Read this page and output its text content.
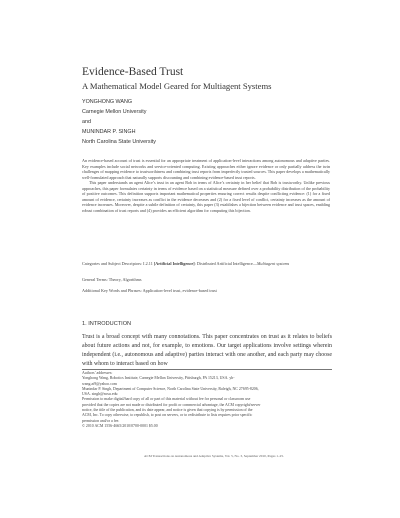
Evidence-Based Trust
A Mathematical Model Geared for Multiagent Systems
YONGHONG WANG
Carnegie Mellon University
and
MUNINDAR P. SINGH
North Carolina State University

An evidence-based account of trust is essential for an appropriate treatment of application-level interactions among autonomous and adaptive parties. Key examples include social networks and service-oriented computing. Existing approaches either ignore evidence or only partially address the twin challenges of mapping evidence to trustworthiness and combining trust reports from imperfectly trusted sources. This paper develops a mathematically well-formulated approach that naturally supports discounting and combining evidence-based trust reports.

This paper understands an agent Alice’s trust in an agent Bob in terms of Alice’s certainty in her belief that Bob is trustworthy. Unlike previous approaches, this paper formulates certainty in terms of evidence based on a statistical measure defined over a probability distribution of the probability of positive outcomes. This definition supports important mathematical properties ensuring correct results despite conflicting evidence: (1) for a fixed amount of evidence, certainty increases as conflict in the evidence decreases and (2) for a fixed level of conflict, certainty increases as the amount of evidence increases. Moreover, despite a subtle definition of certainty, this paper (3) establishes a bijection between evidence and trust spaces, enabling robust combination of trust reports and (4) provides an efficient algorithm for computing this bijection.

Categories and Subject Descriptors: I.2.11 [Artificial Intelligence]: Distributed Artificial Intelligence—Multiagent systems
General Terms: Theory, Algorithms
Additional Key Words and Phrases: Application-level trust, evidence-based trust
1. INTRODUCTION
Trust is a broad concept with many connotations. This paper concentrates on trust as it relates to beliefs about future actions and not, for example, to emotions. Our target applications involve settings wherein independent (i.e., autonomous and adaptive) parties interact with one another, and each party may choose with whom to interact based on how
Authors’ addresses:
Yonghong Wang, Robotics Institute, Carnegie Mellon University, Pittsburgh, PA 15213, USA. yh-
wang.ai9@yahoo.com
Munindar P. Singh, Department of Computer Science, North Carolina State University, Raleigh, NC 27695-8206,
USA. singh@ncsu.edu
Permission to make digital/hard copy of all or part of this material without fee for personal or classroom use
provided that the copies are not made or distributed for profit or commercial advantage, the ACM copyright/server
notice, the title of the publication, and its date appear, and notice is given that copying is by permission of the
ACM, Inc. To copy otherwise, to republish, to post on servers, or to redistribute to lists requires prior specific
permission and/or a fee.
© 2010 ACM 1556-4665/2010/0700-0001 $5.00
ACM Transactions on Autonomous and Adaptive Systems, Vol. 5, No. 3, September 2010, Pages 1–25.
